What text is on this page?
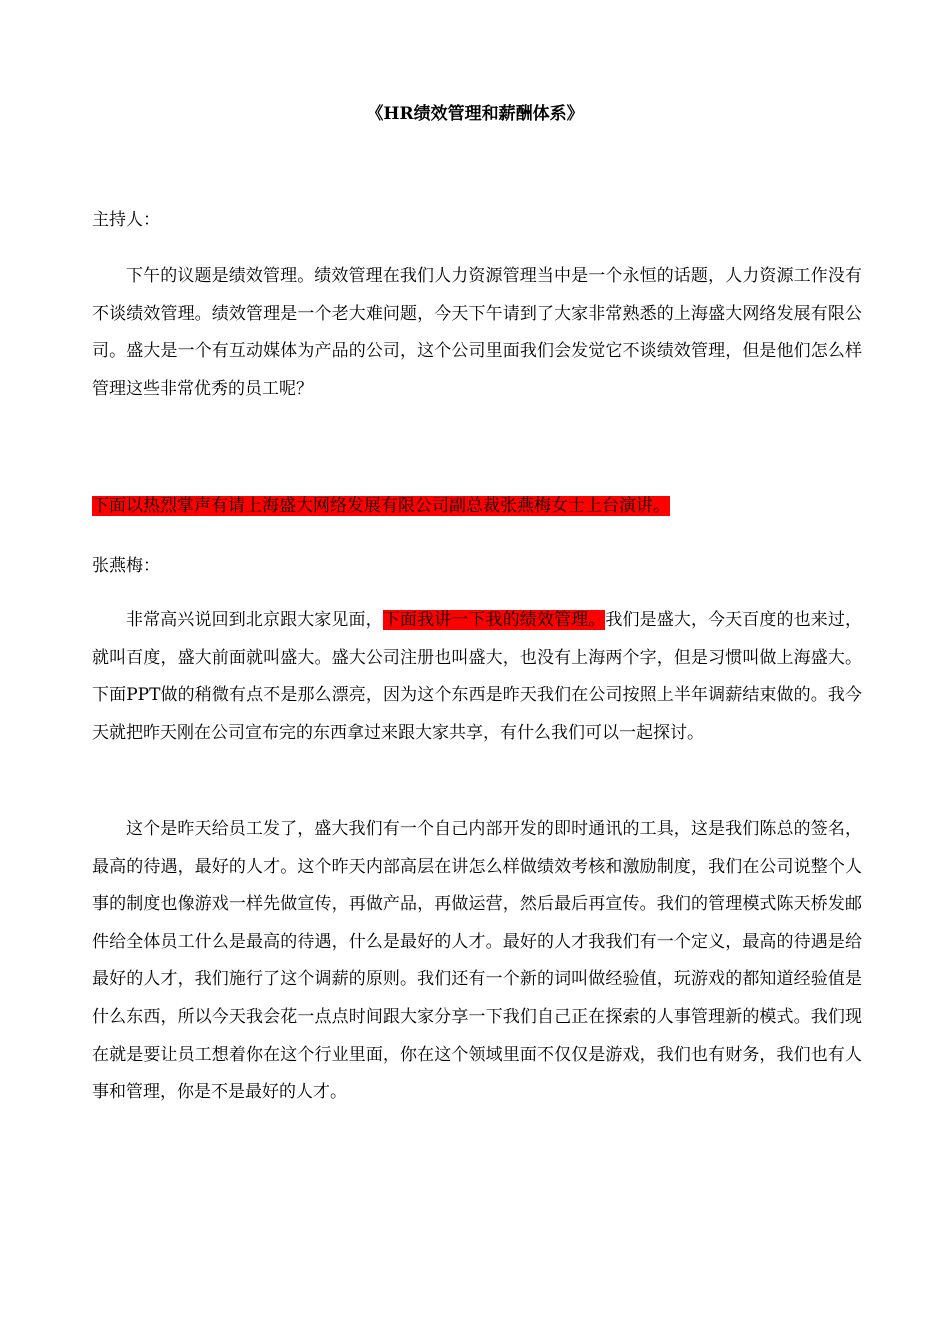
《HR绩效管理和薪酬体系》
主持人：

下午的议题是绩效管理。绩效管理在我们人力资源管理当中是一个永恒的话题，人力资源工作没有不谈绩效管理。绩效管理是一个老大难问题，今天下午请到了大家非常熟悉的上海盛大网络发展有限公司。盛大是一个有互动媒体为产品的公司，这个公司里面我们会发觉它不谈绩效管理，但是他们怎么样管理这些非常优秀的员工呢？

下面以热烈掌声有请上海盛大网络发展有限公司副总裁张燕梅女士上台演讲。

张燕梅：

非常高兴说回到北京跟大家见面，下面我讲一下我的绩效管理。我们是盛大，今天百度的也来过，就叫百度，盛大前面就叫盛大。盛大公司注册也叫盛大，也没有上海两个字，但是习惯叫做上海盛大。下面PPT做的稍微有点不是那么漂亮，因为这个东西是昨天我们在公司按照上半年调薪结束做的。我今天就把昨天刚在公司宣布完的东西拿过来跟大家共享，有什么我们可以一起探讨。

这个是昨天给员工发了，盛大我们有一个自己内部开发的即时通讯的工具，这是我们陈总的签名，最高的待遇，最好的人才。这个昨天内部高层在讲怎么样做绩效考核和激励制度，我们在公司说整个人事的制度也像游戏一样先做宣传，再做产品，再做运营，然后最后再宣传。我们的管理模式陈天桥发邮件给全体员工什么是最高的待遇，什么是最好的人才。最好的人才我我们有一个定义，最高的待遇是给最好的人才，我们施行了这个调薪的原则。我们还有一个新的词叫做经验值，玩游戏的都知道经验值是什么东西，所以今天我会花一点点时间跟大家分享一下我们自己正在探索的人事管理新的模式。我们现在就是要让员工想着你在这个行业里面，你在这个领域里面不仅仅是游戏，我们也有财务，我们也有人事和管理，你是不是最好的人才。
